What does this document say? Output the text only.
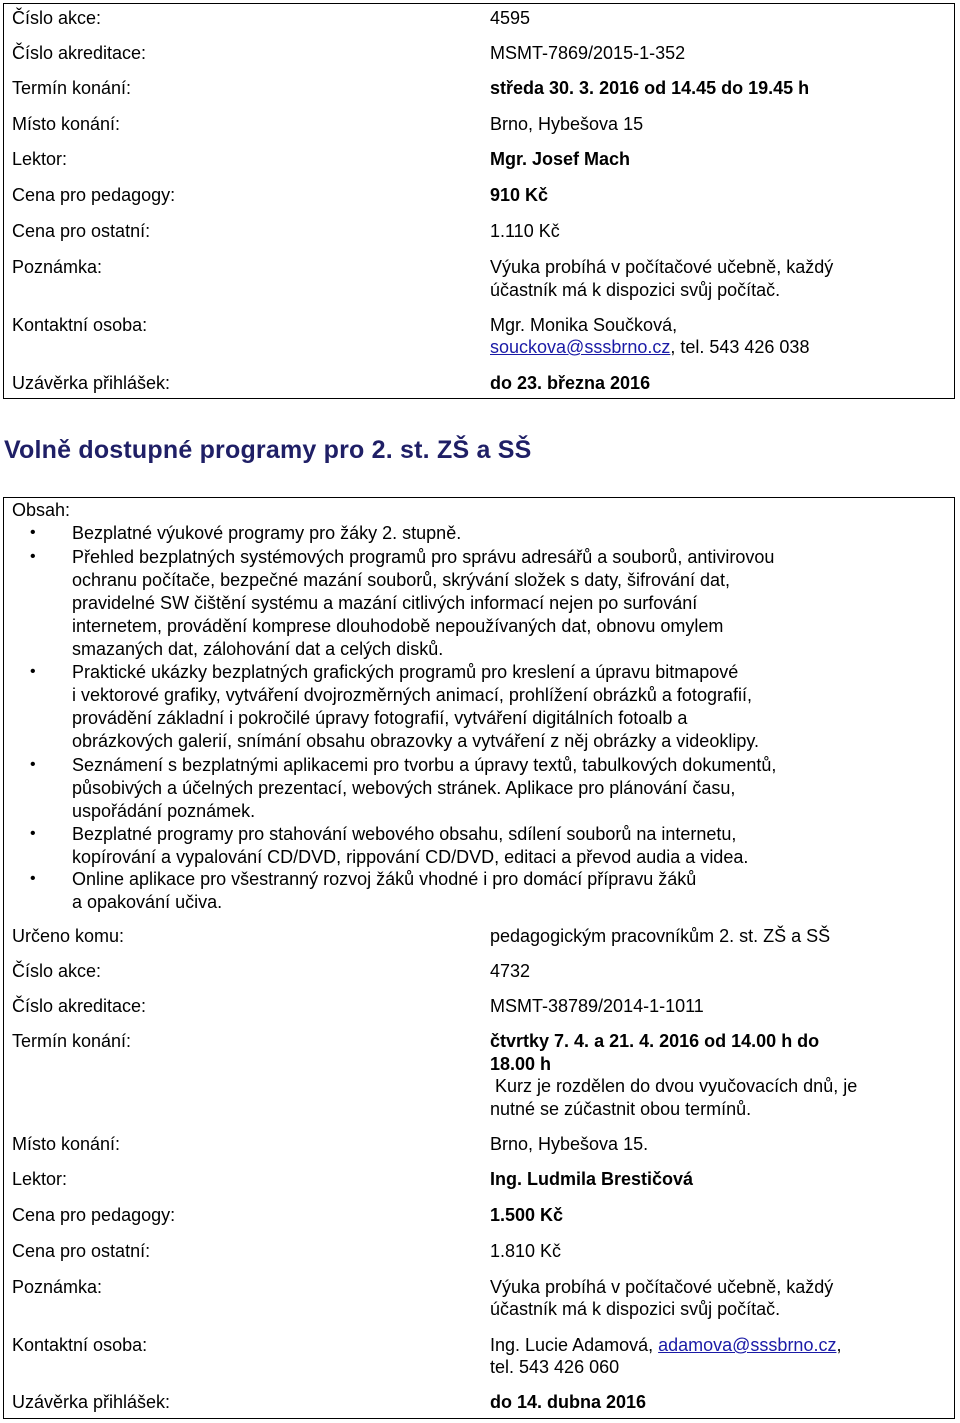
Číslo akce:	4595
Číslo akreditace:	MSMT-7869/2015-1-352
Termín konání:	středa 30. 3. 2016 od 14.45 do 19.45 h
Místo konání:	Brno, Hybešova 15
Lektor:	Mgr. Josef Mach
Cena pro pedagogy:	910 Kč
Cena pro ostatní:	1.110 Kč
Poznámka:	Výuka probíhá v počítačové učebně, každý
účastník má k dispozici svůj počítač.
Kontaktní osoba:	Mgr. Monika Součková,
souckova@sssbrno.cz, tel. 543 426 038
Uzávěrka přihlášek:	do 23. března 2016
Volně dostupné programy pro 2. st. ZŠ a SŠ
Obsah:
• Bezplatné výukové programy pro žáky 2. stupně.
• Přehled bezplatných systémových programů pro správu adresářů a souborů, antivirovou
ochranu počítače, bezpečné mazání souborů, skrývání složek s daty, šifrování dat,
pravidelné SW čištění systému a mazání citlivých informací nejen po surfování
internetem, provádění komprese dlouhodobě nepoužívaných dat, obnovu omylem
smazaných dat, zálohování dat a celých disků.
• Praktické ukázky bezplatných grafických programů pro kreslení a úpravu bitmapové
i vektorové grafiky, vytváření dvojrozměrných animací, prohlížení obrázků a fotografií,
provádění základní i pokročilé úpravy fotografií, vytváření digitálních fotoalb a
obrázkových galerií, snímání obsahu obrazovky a vytváření z něj obrázky a videoklipy.
• Seznámení s bezplatnými aplikacemi pro tvorbu a úpravy textů, tabulkových dokumentů,
působivých a účelných prezentací, webových stránek. Aplikace pro plánování času,
uspořádání poznámek.
• Bezplatné programy pro stahování webového obsahu, sdílení souborů na internetu,
kopírování a vypalování CD/DVD, rippování CD/DVD, editaci a převod audia a videa.
• Online aplikace pro všestranný rozvoj žáků vhodné i pro domácí přípravu žáků
a opakování učiva.
Určeno komu:	pedagogickým pracovníkům 2. st. ZŠ a SŠ
Číslo akce:	4732
Číslo akreditace:	MSMT-38789/2014-1-1011
Termín konání:	čtvrtky 7. 4. a 21. 4. 2016 od 14.00 h do
18.00 h
Kurz je rozdělen do dvou vyučovacích dnů, je
nutné se zúčastnit obou termínů.
Místo konání:	Brno, Hybešova 15.
Lektor:	Ing. Ludmila Brestičová
Cena pro pedagogy:	1.500 Kč
Cena pro ostatní:	1.810 Kč
Poznámka:	Výuka probíhá v počítačové učebně, každý
účastník má k dispozici svůj počítač.
Kontaktní osoba:	Ing. Lucie Adamová, adamova@sssbrno.cz,
tel. 543 426 060
Uzávěrka přihlášek:	do 14. dubna 2016
